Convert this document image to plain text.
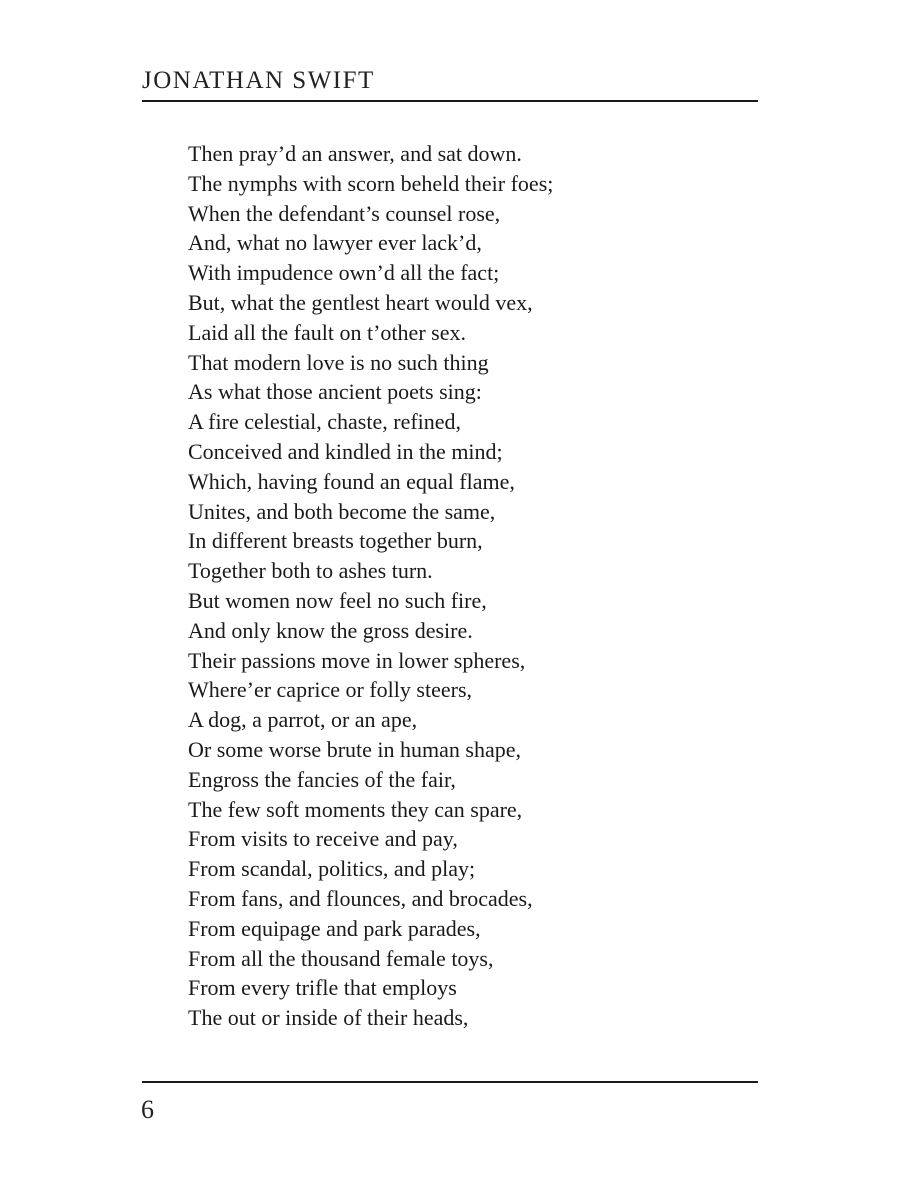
JONATHAN SWIFT
Then pray’d an answer, and sat down.
The nymphs with scorn beheld their foes;
When the defendant’s counsel rose,
And, what no lawyer ever lack’d,
With impudence own’d all the fact;
But, what the gentlest heart would vex,
Laid all the fault on t’other sex.
That modern love is no such thing
As what those ancient poets sing:
A fire celestial, chaste, refined,
Conceived and kindled in the mind;
Which, having found an equal flame,
Unites, and both become the same,
In different breasts together burn,
Together both to ashes turn.
But women now feel no such fire,
And only know the gross desire.
Their passions move in lower spheres,
Where’er caprice or folly steers,
A dog, a parrot, or an ape,
Or some worse brute in human shape,
Engross the fancies of the fair,
The few soft moments they can spare,
From visits to receive and pay,
From scandal, politics, and play;
From fans, and flounces, and brocades,
From equipage and park parades,
From all the thousand female toys,
From every trifle that employs
The out or inside of their heads,
6
